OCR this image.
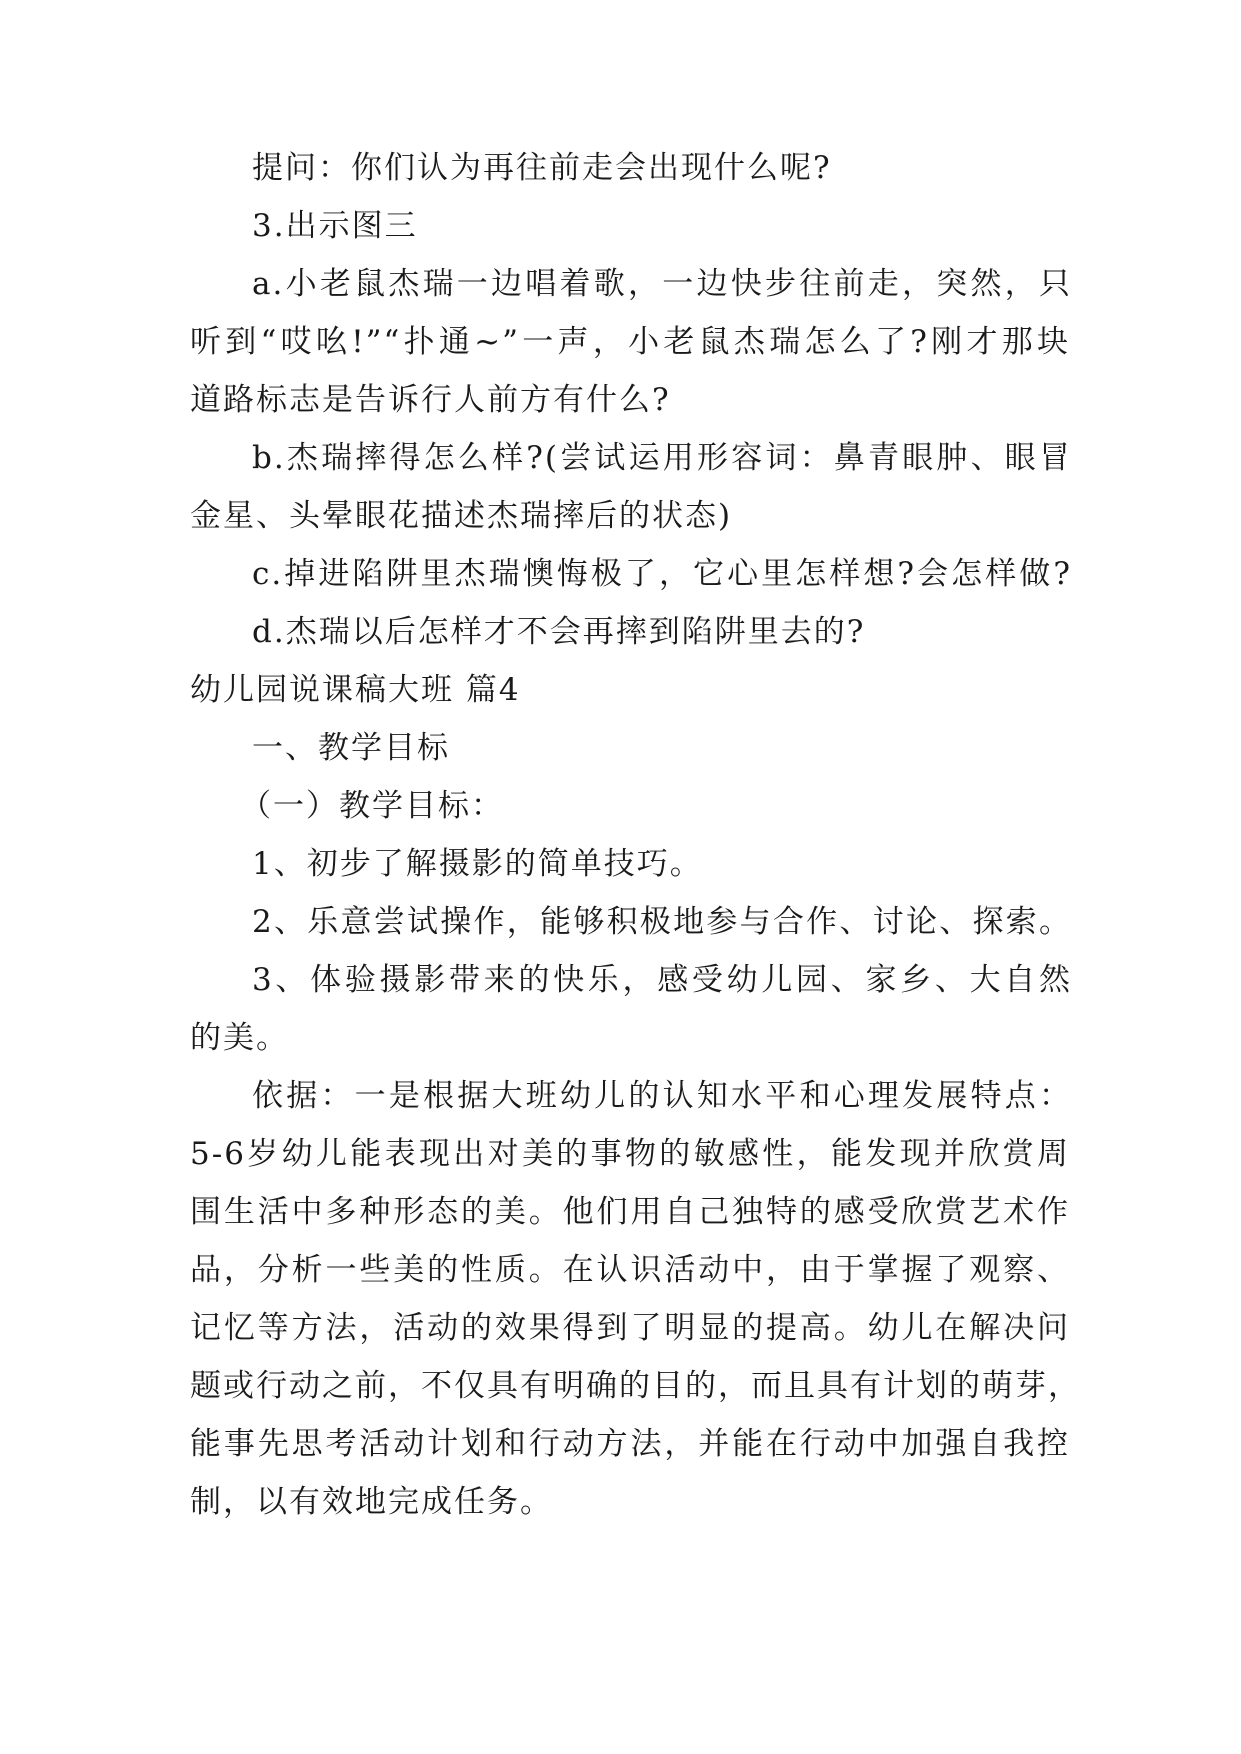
提问：你们认为再往前走会出现什么呢?
3.出示图三
a.小老鼠杰瑞一边唱着歌，一边快步往前走，突然，只
听到“哎吆!”“扑通~”一声，小老鼠杰瑞怎么了?刚才那块
道路标志是告诉行人前方有什么?
b.杰瑞摔得怎么样?(尝试运用形容词：鼻青眼肿、眼冒
金星、头晕眼花描述杰瑞摔后的状态)
c.掉进陷阱里杰瑞懊悔极了，它心里怎样想?会怎样做?
d.杰瑞以后怎样才不会再摔到陷阱里去的?
幼儿园说课稿大班 篇4
一、教学目标
（一）教学目标：
1、初步了解摄影的简单技巧。
2、乐意尝试操作，能够积极地参与合作、讨论、探索。
3、体验摄影带来的快乐，感受幼儿园、家乡、大自然
的美。
依据：一是根据大班幼儿的认知水平和心理发展特点：
5-6岁幼儿能表现出对美的事物的敏感性，能发现并欣赏周
围生活中多种形态的美。他们用自己独特的感受欣赏艺术作
品，分析一些美的性质。在认识活动中，由于掌握了观察、
记忆等方法，活动的效果得到了明显的提高。幼儿在解决问
题或行动之前，不仅具有明确的目的，而且具有计划的萌芽，
能事先思考活动计划和行动方法，并能在行动中加强自我控
制，以有效地完成任务。
